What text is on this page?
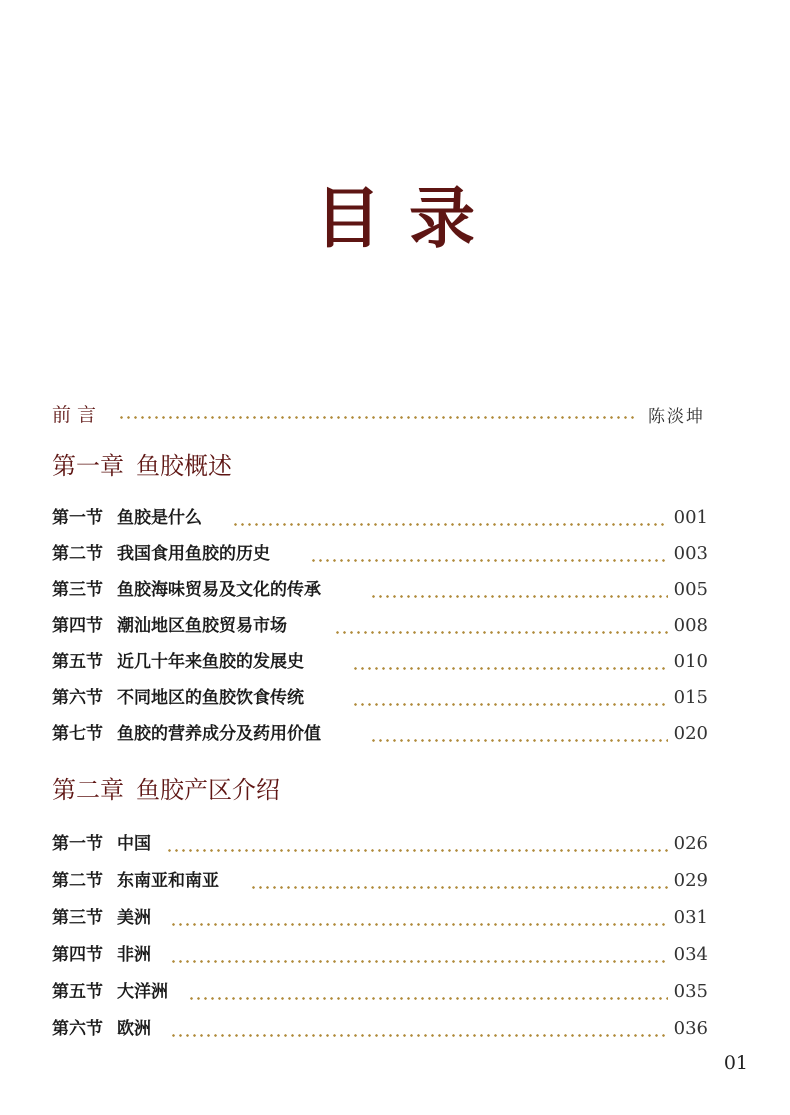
目录
前言	陈淡坤
第一章 鱼胶概述
第一节 鱼胶是什么	001
第二节 我国食用鱼胶的历史	003
第三节 鱼胶海味贸易及文化的传承	005
第四节 潮汕地区鱼胶贸易市场	008
第五节 近几十年来鱼胶的发展史	010
第六节 不同地区的鱼胶饮食传统	015
第七节 鱼胶的营养成分及药用价值	020
第二章 鱼胶产区介绍
第一节 中国	026
第二节 东南亚和南亚	029
第三节 美洲	031
第四节 非洲	034
第五节 大洋洲	035
第六节 欧洲	036
01
